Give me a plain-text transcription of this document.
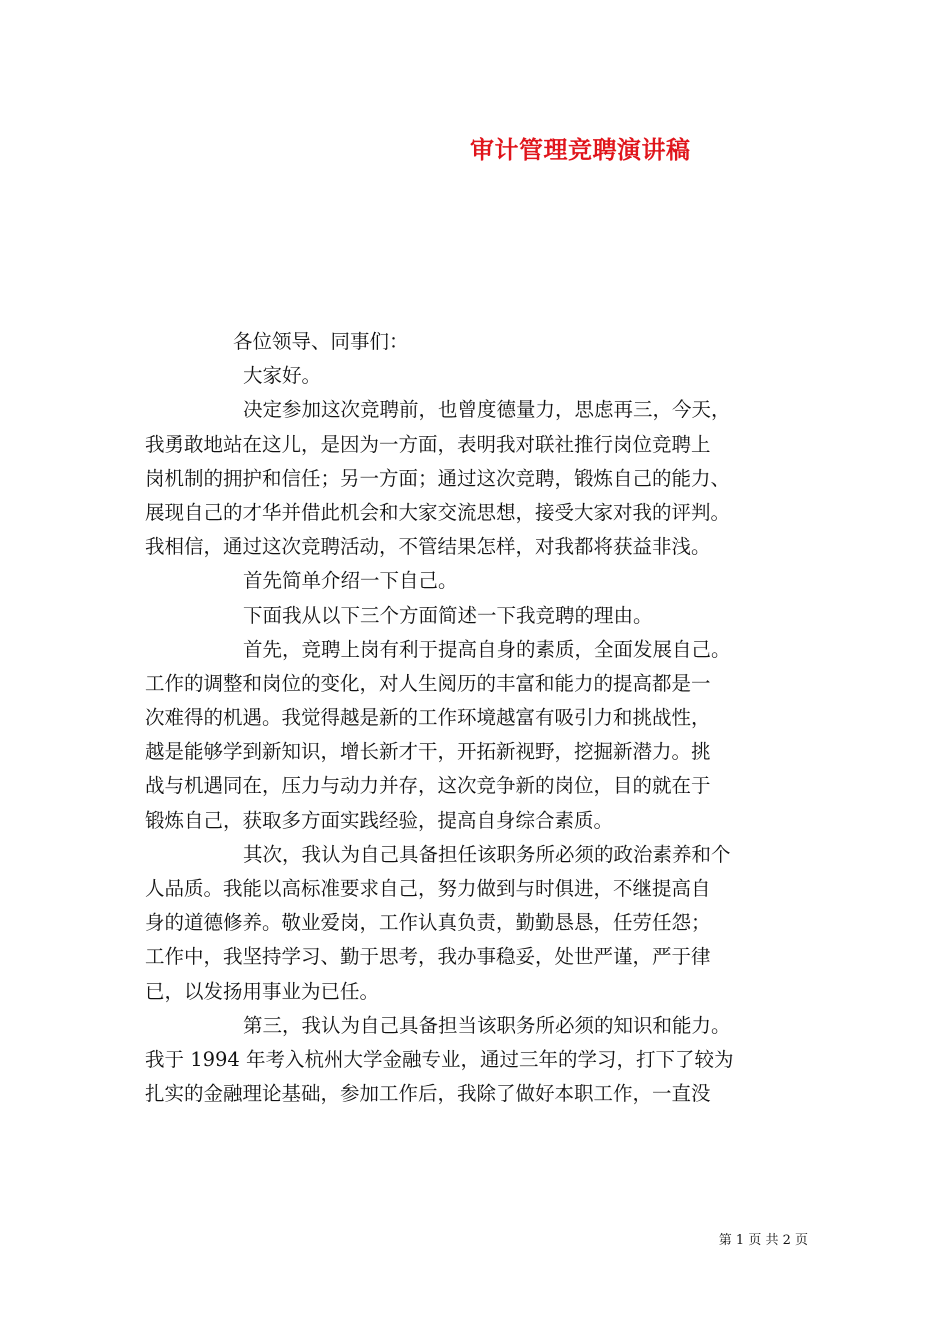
审计管理竞聘演讲稿
各位领导、同事们：
大家好。
决定参加这次竞聘前，也曾度德量力，思虑再三，今天，
我勇敢地站在这儿，是因为一方面，表明我对联社推行岗位竞聘上
岗机制的拥护和信任；另一方面；通过这次竞聘，锻炼自己的能力、
展现自己的才华并借此机会和大家交流思想，接受大家对我的评判。
我相信，通过这次竞聘活动，不管结果怎样，对我都将获益非浅。
首先简单介绍一下自己。
下面我从以下三个方面简述一下我竞聘的理由。
首先，竞聘上岗有利于提高自身的素质，全面发展自己。
工作的调整和岗位的变化，对人生阅历的丰富和能力的提高都是一
次难得的机遇。我觉得越是新的工作环境越富有吸引力和挑战性，
越是能够学到新知识，增长新才干，开拓新视野，挖掘新潜力。挑
战与机遇同在，压力与动力并存，这次竞争新的岗位，目的就在于
锻炼自己，获取多方面实践经验，提高自身综合素质。
其次，我认为自己具备担任该职务所必须的政治素养和个
人品质。我能以高标准要求自己，努力做到与时俱进，不继提高自
身的道德修养。敬业爱岗，工作认真负责，勤勤恳恳，任劳任怨；
工作中，我坚持学习、勤于思考，我办事稳妥，处世严谨，严于律
已，以发扬用事业为已任。
第三，我认为自己具备担当该职务所必须的知识和能力。
我于 1994 年考入杭州大学金融专业，通过三年的学习，打下了较为
扎实的金融理论基础，参加工作后，我除了做好本职工作，一直没
第 1 页 共 2 页
